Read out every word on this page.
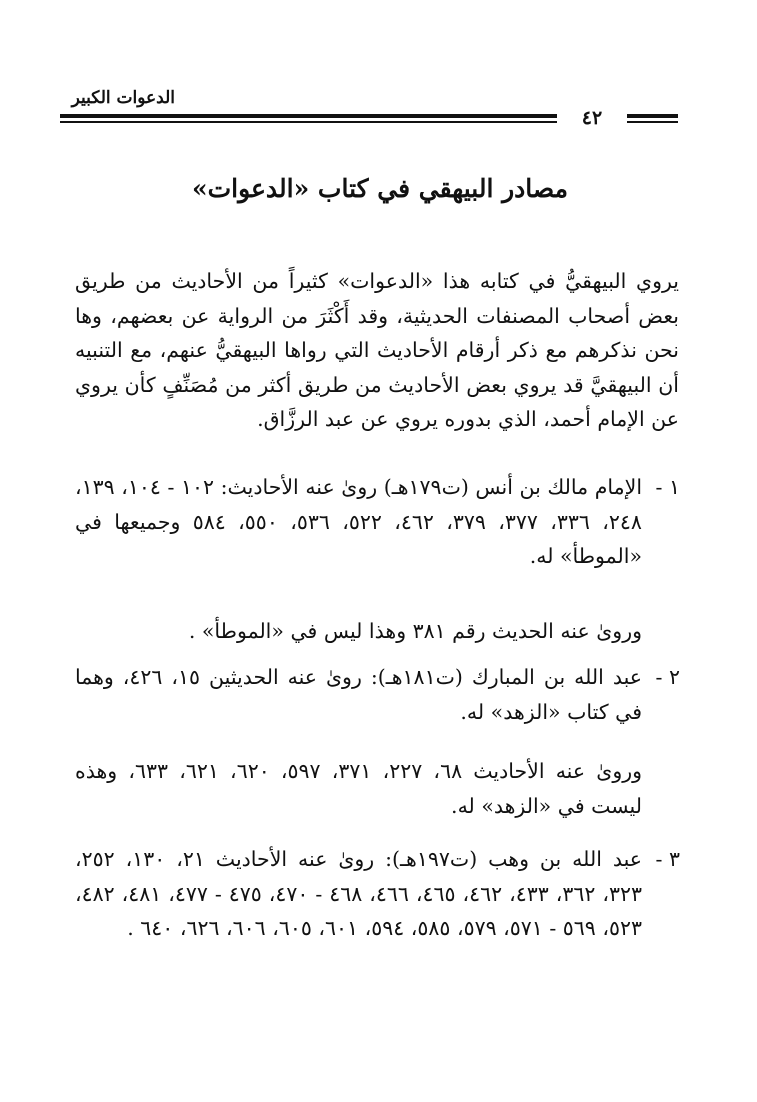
الدعوات الكبير
٤٢
مصادر البيهقي في كتاب «الدعوات»
يروي البيهقيُّ في كتابه هذا «الدعوات» كثيراً من الأحاديث من طريق بعض أصحاب المصنفات الحديثية، وقد أَكْثَرَ من الرواية عن بعضهم، وها نحن نذكرهم مع ذكر أرقام الأحاديث التي رواها البيهقيُّ عنهم، مع التنبيه أن البيهقيَّ قد يروي بعض الأحاديث من طريق أكثر من مُصَنِّفٍ كأن يروي عن الإمام أحمد، الذي بدوره يروي عن عبد الرزَّاق.
١ -
الإمام مالك بن أنس (ت١٧٩هـ) روىٰ عنه الأحاديث: ١٠٢ - ١٠٤، ١٣٩، ٢٤٨، ٣٣٦، ٣٧٧، ٣٧٩، ٤٦٢، ٥٢٢، ٥٣٦، ٥٥٠، ٥٨٤ وجميعها في «الموطأ» له.
وروىٰ عنه الحديث رقم ٣٨١ وهذا ليس في «الموطأ» .
٢ -
عبد الله بن المبارك (ت١٨١هـ): روىٰ عنه الحديثين ١٥، ٤٢٦، وهما في كتاب «الزهد» له.
وروىٰ عنه الأحاديث ٦٨، ٢٢٧، ٣٧١، ٥٩٧، ٦٢٠، ٦٢١، ٦٣٣، وهذه ليست في «الزهد» له.
٣ -
عبد الله بن وهب (ت١٩٧هـ): روىٰ عنه الأحاديث ٢١، ١٣٠، ٢٥٢، ٣٢٣، ٣٦٢، ٤٣٣، ٤٦٢، ٤٦٥، ٤٦٦، ٤٦٨ - ٤٧٠، ٤٧٥ - ٤٧٧، ٤٨١، ٤٨٢، ٥٢٣، ٥٦٩ - ٥٧١، ٥٧٩، ٥٨٥، ٥٩٤، ٦٠١، ٦٠٥، ٦٠٦، ٦٢٦، ٦٤٠ .
